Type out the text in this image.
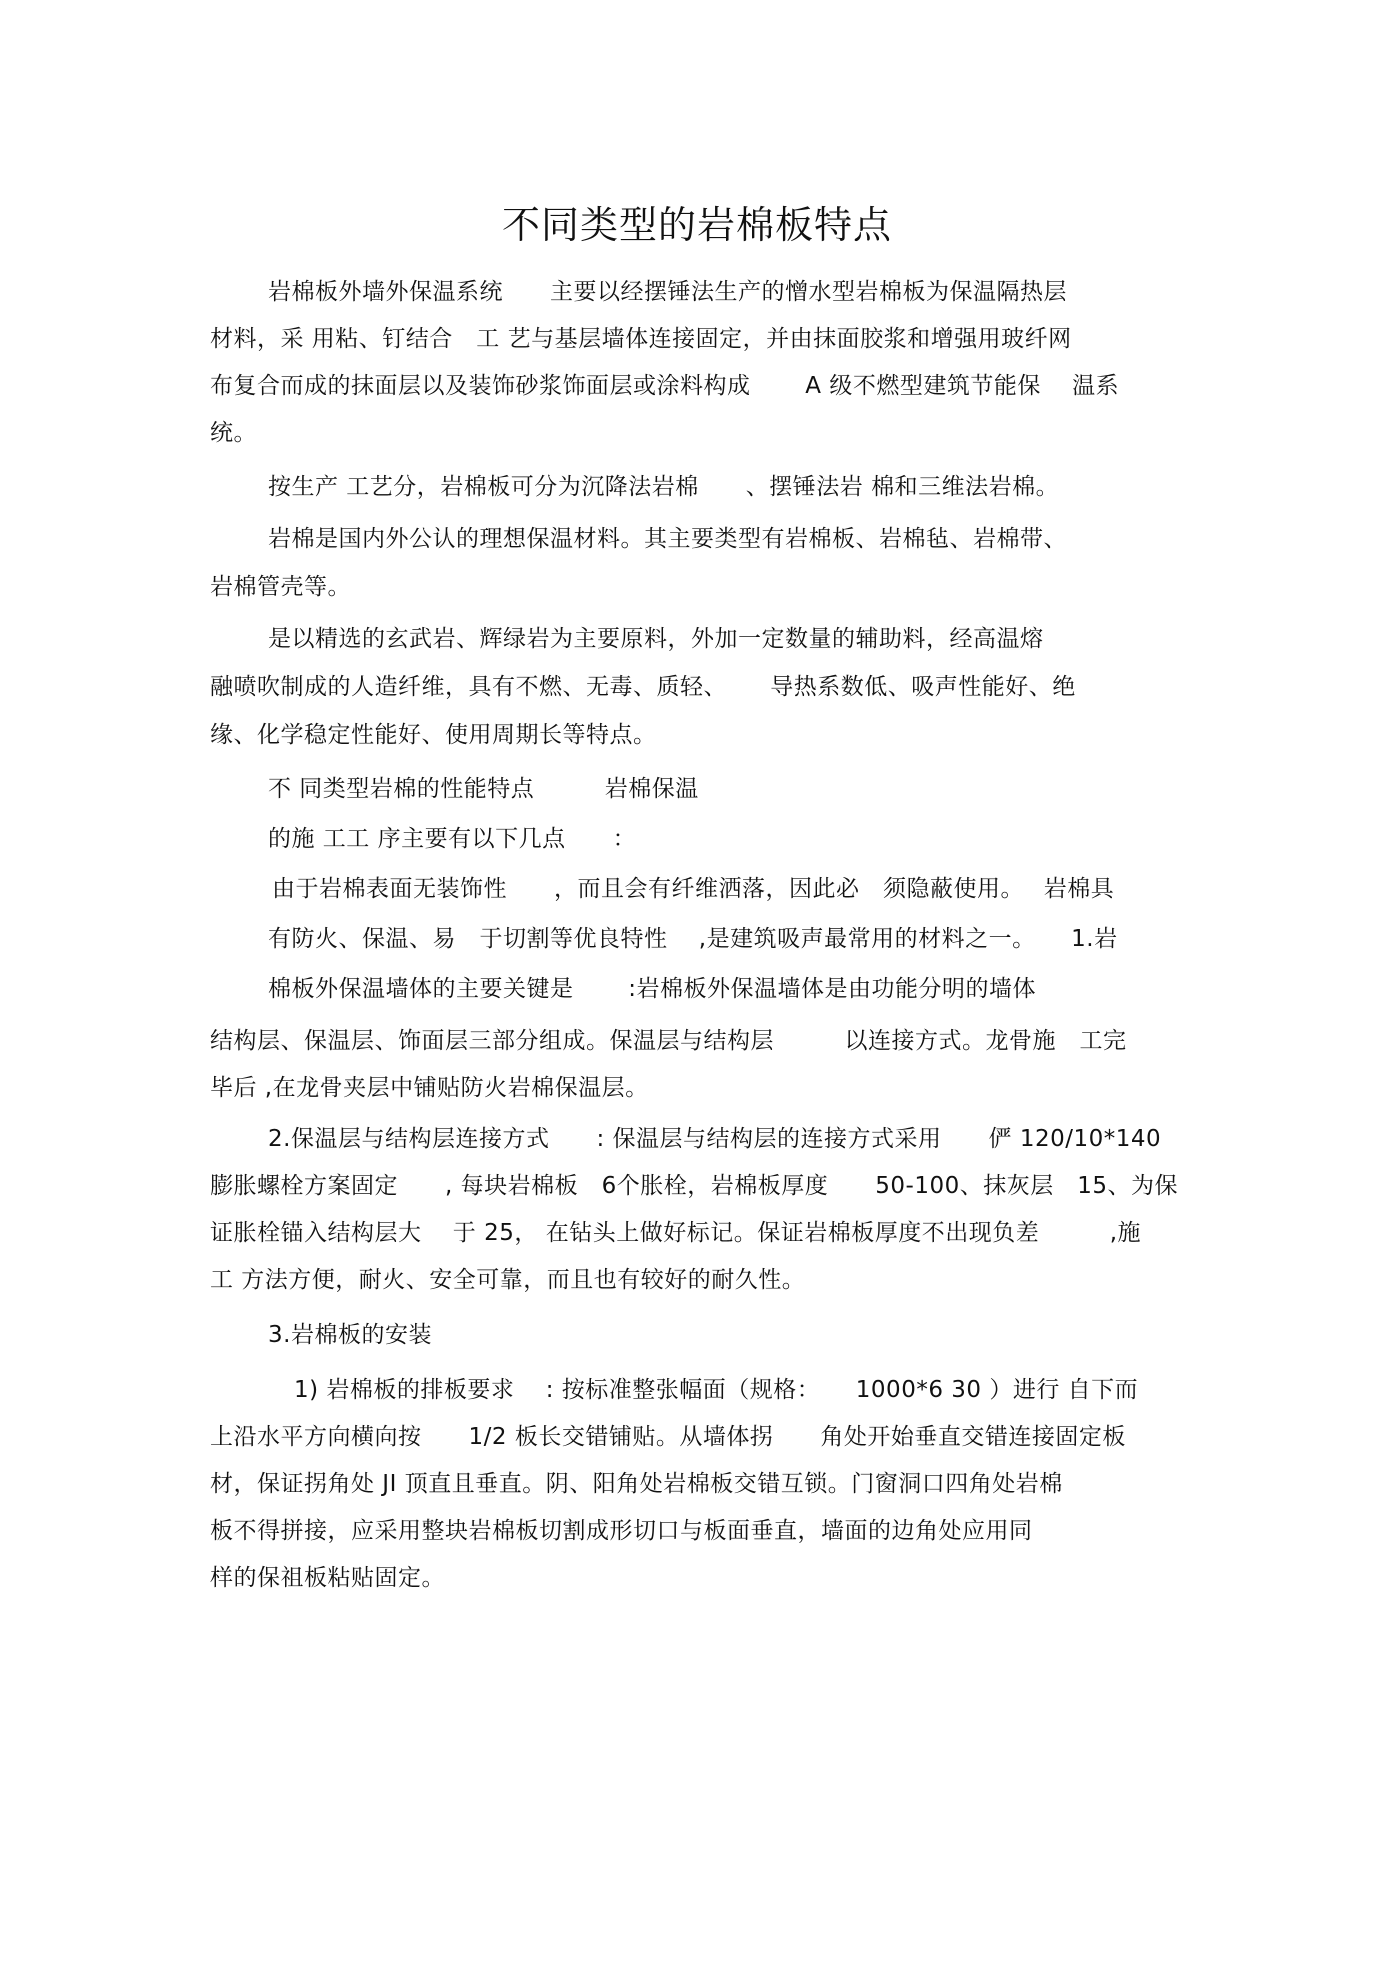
不同类型的岩棉板特点
岩棉板外墙外保温系统　　主要以经摆锤法生产的憎水型岩棉板为保温隔热层
材料，采 用粘、钉结合　工 艺与基层墙体连接固定，并由抹面胶浆和增强用玻纤网
布复合而成的抹面层以及装饰砂浆饰面层或涂料构成　　 A 级不燃型建筑节能保　 温系
统。
按生产 工艺分，岩棉板可分为沉降法岩棉　　、摆锤法岩 棉和三维法岩棉。
岩棉是国内外公认的理想保温材料。其主要类型有岩棉板、岩棉毡、岩棉带、
岩棉管壳等。
是以精选的玄武岩、辉绿岩为主要原料，外加一定数量的辅助料，经高温熔
融喷吹制成的人造纤维，具有不燃、无毒、质轻、　　 导热系数低、吸声性能好、绝
缘、化学稳定性能好、使用周期长等特点。
不 同类型岩棉的性能特点　　　岩棉保温
的施 工工 序主要有以下几点　　：
由于岩棉表面无装饰性　　，而且会有纤维洒落，因此必　须隐蔽使用。　 岩棉具
有防火、保温、易　于切割等优良特性　 ,是建筑吸声最常用的材料之一。　　1.岩
棉板外保温墙体的主要关键是　　 :岩棉板外保温墙体是由功能分明的墙体
结构层、保温层、饰面层三部分组成。保温层与结构层　　　以连接方式。龙骨施　工完
毕后 ,在龙骨夹层中铺贴防火岩棉保温层。
2.保温层与结构层连接方式　　: 保温层与结构层的连接方式采用　　俨 120/10*140
膨胀螺栓方案固定　　, 每块岩棉板　6个胀栓，岩棉板厚度　　50-100、抹灰层　15、为保
证胀栓锚入结构层大　 于 25， 在钻头上做好标记。保证岩棉板厚度不出现负差　　　,施
工 方法方便，耐火、安全可靠，而且也有较好的耐久性。
3.岩棉板的安装
1) 岩棉板的排板要求　 : 按标准整张幅面（规格：　　1000*6 30 ）进行 自下而
上沿水平方向横向按　　1/2 板长交错铺贴。从墙体拐　　角处开始垂直交错连接固定板
材，保证拐角处 JI 顶直且垂直。阴、阳角处岩棉板交错互锁。门窗洞口四角处岩棉
板不得拼接，应采用整块岩棉板切割成形切口与板面垂直，墙面的边角处应用同
样的保祖板粘贴固定。
